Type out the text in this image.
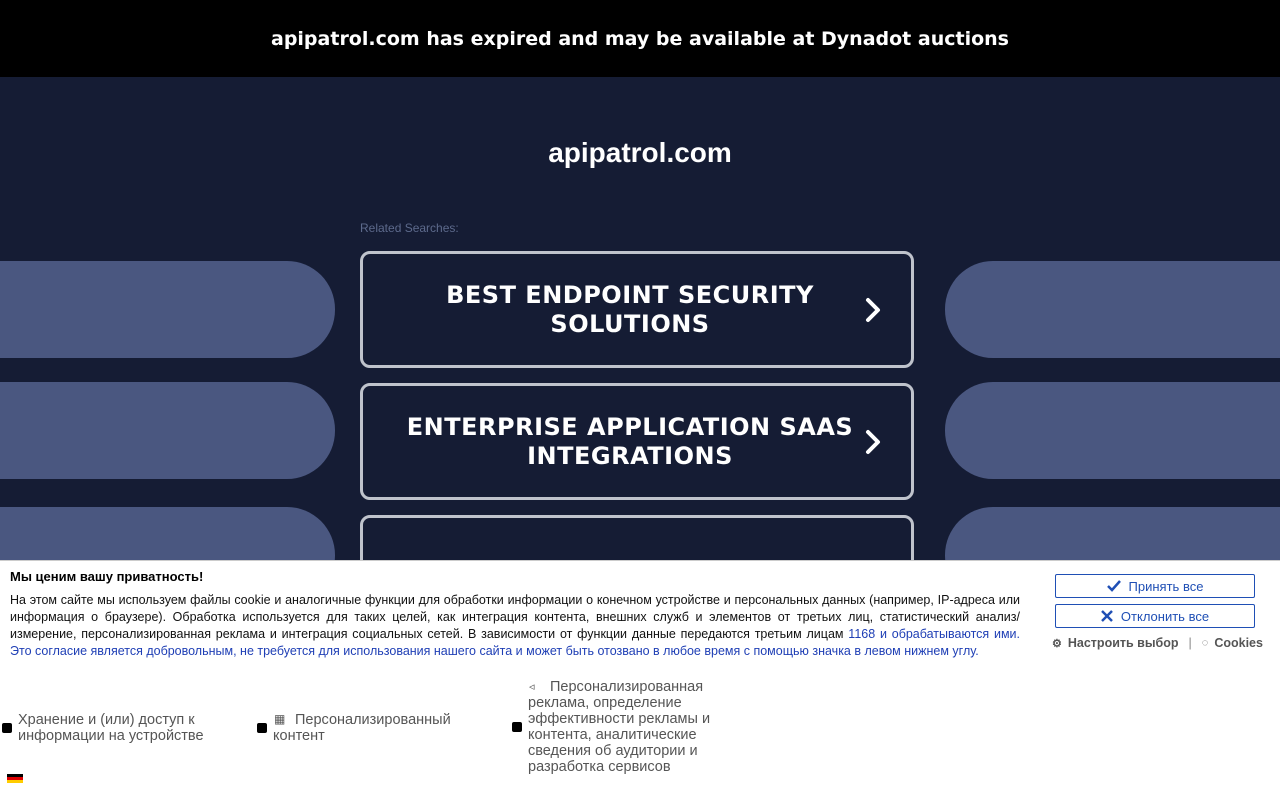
apipatrol.com has expired and may be available at Dynadot auctions
apipatrol.com
Related Searches:
BEST ENDPOINT SECURITY
SOLUTIONS
ENTERPRISE APPLICATION SAAS
INTEGRATIONS

Мы ценим вашу приватность!
На этом сайте мы используем файлы cookie и аналогичные функции для обработки информации о конечном устройстве и персональных данных (например, IP-адреса или информация о браузере). Обработка используется для таких целей, как интеграция контента, внешних служб и элементов от третьих лиц, статистический анализ/измерение, персонализированная реклама и интеграция социальных сетей. В зависимости от функции данные передаются третьим лицам 1168 и обрабатываются ими. Это согласие является добровольным, не требуется для использования нашего сайта и может быть отозвано в любое время с помощью значка в левом нижнем углу.
Принять все
Отклонить все
⚙ Настроить выбор | ◌ Cookies
Хранение и (или) доступ к информации на устройстве
▦ Персонализированный контент
◃	Персонализированная реклама, определение эффективности рекламы и контента, аналитические сведения об аудитории и разработка сервисов
